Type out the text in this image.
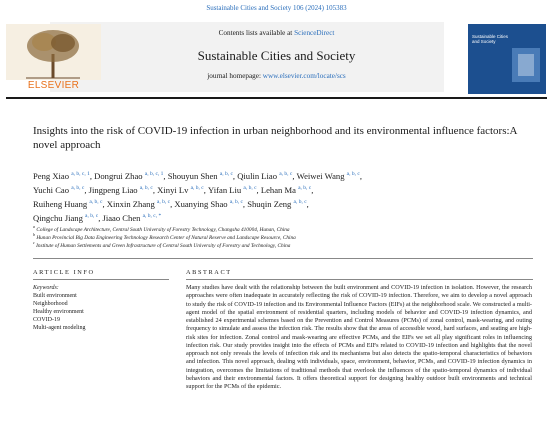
Sustainable Cities and Society 106 (2024) 105383
ELSEVIER
Contents lists available at ScienceDirect
Sustainable Cities and Society
journal homepage: www.elsevier.com/locate/scs
Sustainable Cities and Society
Insights into the risk of COVID-19 infection in urban neighborhood and its environmental influence factors:A novel approach
Peng Xiao $^{a, b, c, 1}$, Dongrui Zhao $^{a, b, c, 1}$, Shouyun Shen $^{a, b, c}$, Qiulin Liao $^{a, b, c}$, Weiwei Wang $^{a, b, c}$,
Yuchi Cao $^{a, b, c}$, Jingpeng Liao $^{a, b, c}$, Xinyi Lv $^{a, b, c}$, Yifan Liu $^{a, b, c}$, Lehan Ma $^{a, b, c}$,
Ruiheng Huang $^{a, b, c}$, Xinxin Zhang $^{a, b, c}$, Xuanying Shao $^{a, b, c}$, Shuqin Zeng $^{a, b, c}$,
Qingchu Jiang $^{a, b, c}$, Jiaao Chen $^{a, b, c, *}$
$^a$ College of Landscape Architecture, Central South University of Forestry Technology, Changsha 410004, Hunan, China
$^b$ Hunan Provincial Big Data Engineering Technology Research Center of Natural Reserve and Landscape Resource, China
$^c$ Institute of Human Settlements and Green Infrastructure of Central South University of Forestry and Technology, China
ARTICLE INFO	ABSTRACT
Keywords:
Built environment
Neighborhood
Healthy environment
COVID-19
Multi-agent modeling
Many studies have dealt with the relationship between the built environment and COVID-19 infection in isolation. However, the research approaches were often inadequate in accurately reflecting the risk of COVID-19 infection. Therefore, we aim to develop a novel approach to study the risk of COVID-19 infection and its Environmental Influence Factors (EIFs) at the neighborhood scale. We constructed a multi-agent model of the spatial environment of residential quarters, including models of behavior and COVID-19 infection dynamics, and established 24 experimental schemes based on the Prevention and Control Measures (PCMs) of zonal control, mask-wearing, and outing frequency to simulate and assess the infection risk. The results show that the areas of accessible wood, hard surfaces, and seating are high-risk sites for infection. Zonal control and mask-wearing are effective PCMs, and the EIFs we set all play significant roles in influencing infection risk. Our study provides insight into the effects of PCMs and EIFs related to COVID-19 infection and highlights that the novel approach not only reveals the levels of infection risk and its mechanisms but also detects the spatio-temporal characteristics of behaviors and infection. This novel approach, dealing with individuals, space, environment, behavior, PCMs, and COVID-19 infection dynamics in integration, overcomes the limitations of traditional methods that overlook the influences of the spatio-temporal dynamics of individual behaviors and their environmental factors. It offers theoretical support for designing healthy outdoor built environments and technical support for the PCMs of the epidemic.
